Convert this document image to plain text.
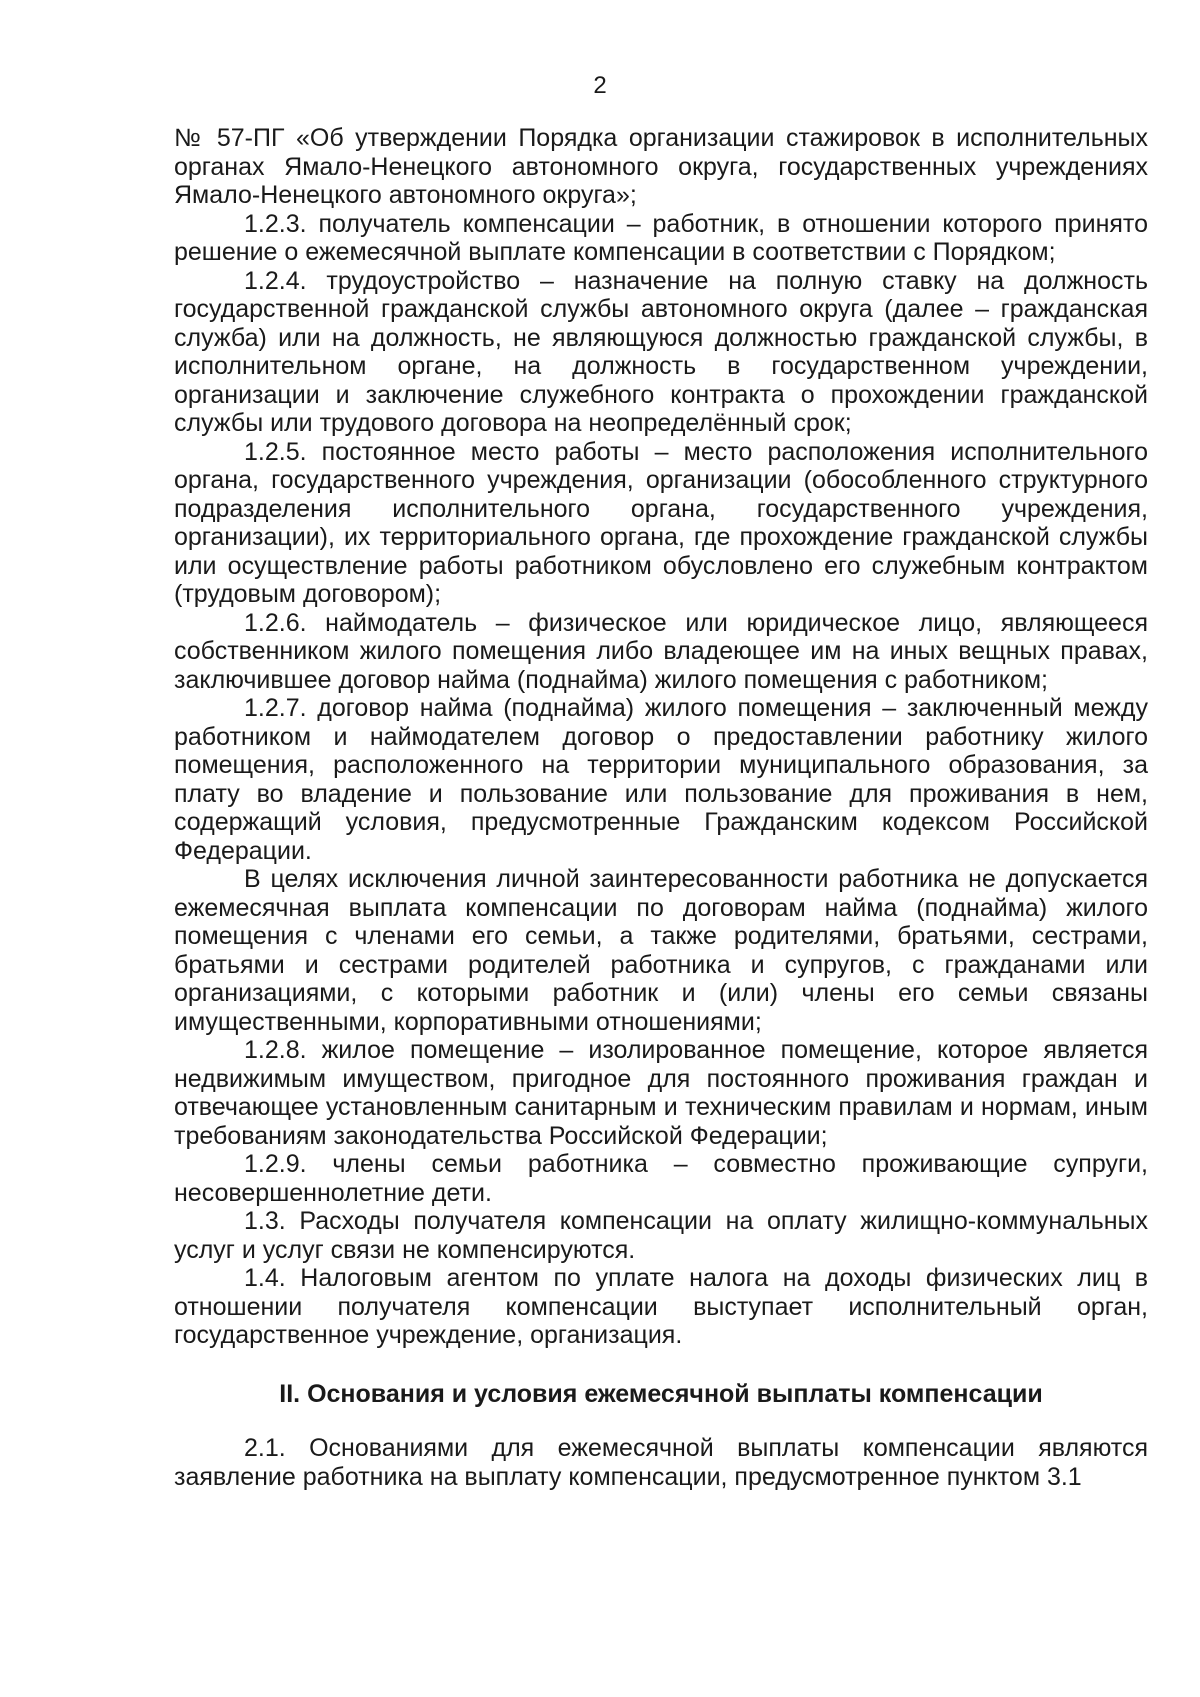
2

№ 57-ПГ «Об утверждении Порядка организации стажировок в исполнительных органах Ямало-Ненецкого автономного округа, государственных учреждениях Ямало-Ненецкого автономного округа»;

1.2.3. получатель компенсации – работник, в отношении которого принято решение о ежемесячной выплате компенсации в соответствии с Порядком;

1.2.4. трудоустройство – назначение на полную ставку на должность государственной гражданской службы автономного округа (далее – гражданская служба) или на должность, не являющуюся должностью гражданской службы, в исполнительном органе, на должность в государственном учреждении, организации и заключение служебного контракта о прохождении гражданской службы или трудового договора на неопределённый срок;

1.2.5. постоянное место работы – место расположения исполнительного органа, государственного учреждения, организации (обособленного структурного подразделения исполнительного органа, государственного учреждения, организации), их территориального органа, где прохождение гражданской службы или осуществление работы работником обусловлено его служебным контрактом (трудовым договором);

1.2.6. наймодатель – физическое или юридическое лицо, являющееся собственником жилого помещения либо владеющее им на иных вещных правах, заключившее договор найма (поднайма) жилого помещения с работником;

1.2.7. договор найма (поднайма) жилого помещения – заключенный между работником и наймодателем договор о предоставлении работнику жилого помещения, расположенного на территории муниципального образования, за плату во владение и пользование или пользование для проживания в нем, содержащий условия, предусмотренные Гражданским кодексом Российской Федерации.

В целях исключения личной заинтересованности работника не допускается ежемесячная выплата компенсации по договорам найма (поднайма) жилого помещения с членами его семьи, а также родителями, братьями, сестрами, братьями и сестрами родителей работника и супругов, с гражданами или организациями, с которыми работник и (или) члены его семьи связаны имущественными, корпоративными отношениями;

1.2.8. жилое помещение – изолированное помещение, которое является недвижимым имуществом, пригодное для постоянного проживания граждан и отвечающее установленным санитарным и техническим правилам и нормам, иным требованиям законодательства Российской Федерации;

1.2.9. члены семьи работника – совместно проживающие супруги, несовершеннолетние дети.

1.3. Расходы получателя компенсации на оплату жилищно-коммунальных услуг и услуг связи не компенсируются.

1.4. Налоговым агентом по уплате налога на доходы физических лиц в отношении получателя компенсации выступает исполнительный орган, государственное учреждение, организация.

II. Основания и условия ежемесячной выплаты компенсации

2.1. Основаниями для ежемесячной выплаты компенсации являются заявление работника на выплату компенсации, предусмотренное пунктом 3.1
